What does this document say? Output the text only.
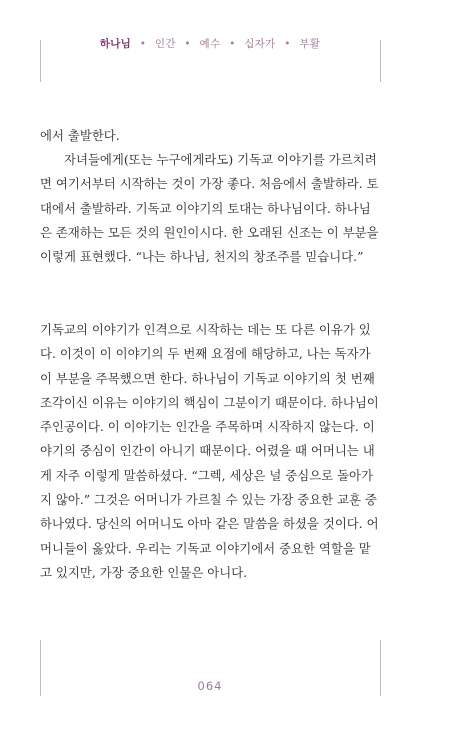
하나님 • 인간 • 예수 • 십자가 • 부활

에서 출발한다.

자녀들에게(또는 누구에게라도) 기독교 이야기를 가르치려
면 여기서부터 시작하는 것이 가장 좋다. 처음에서 출발하라. 토
대에서 출발하라. 기독교 이야기의 토대는 하나님이다. 하나님
은 존재하는 모든 것의 원인이시다. 한 오래된 신조는 이 부분을
이렇게 표현했다. “나는 하나님, 천지의 창조주를 믿습니다.”

기독교의 이야기가 인격으로 시작하는 데는 또 다른 이유가 있
다. 이것이 이 이야기의 두 번째 요점에 해당하고, 나는 독자가
이 부분을 주목했으면 한다. 하나님이 기독교 이야기의 첫 번째
조각이신 이유는 이야기의 핵심이 그분이기 때문이다. 하나님이
주인공이다. 이 이야기는 인간을 주목하며 시작하지 않는다. 이
야기의 중심이 인간이 아니기 때문이다. 어렸을 때 어머니는 내
게 자주 이렇게 말씀하셨다. “그렉, 세상은 널 중심으로 돌아가
지 않아.” 그것은 어머니가 가르칠 수 있는 가장 중요한 교훈 중
하나였다. 당신의 어머니도 아마 같은 말씀을 하셨을 것이다. 어
머니들이 옳았다. 우리는 기독교 이야기에서 중요한 역할을 맡
고 있지만, 가장 중요한 인물은 아니다.

064
